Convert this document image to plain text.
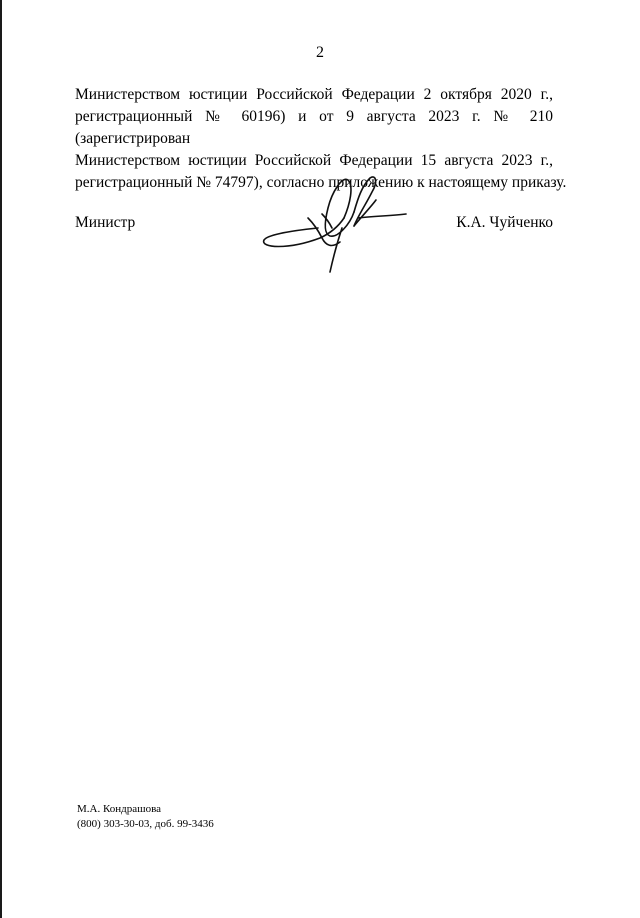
2
Министерством юстиции Российской Федерации 2 октября 2020 г.,
регистрационный № 60196) и от 9 августа 2023 г. № 210 (зарегистрирован
Министерством юстиции Российской Федерации 15 августа 2023 г.,
регистрационный № 74797), согласно приложению к настоящему приказу.
Министр	К.А. Чуйченко
М.А. Кондрашова
(800) 303-30-03, доб. 99-3436
